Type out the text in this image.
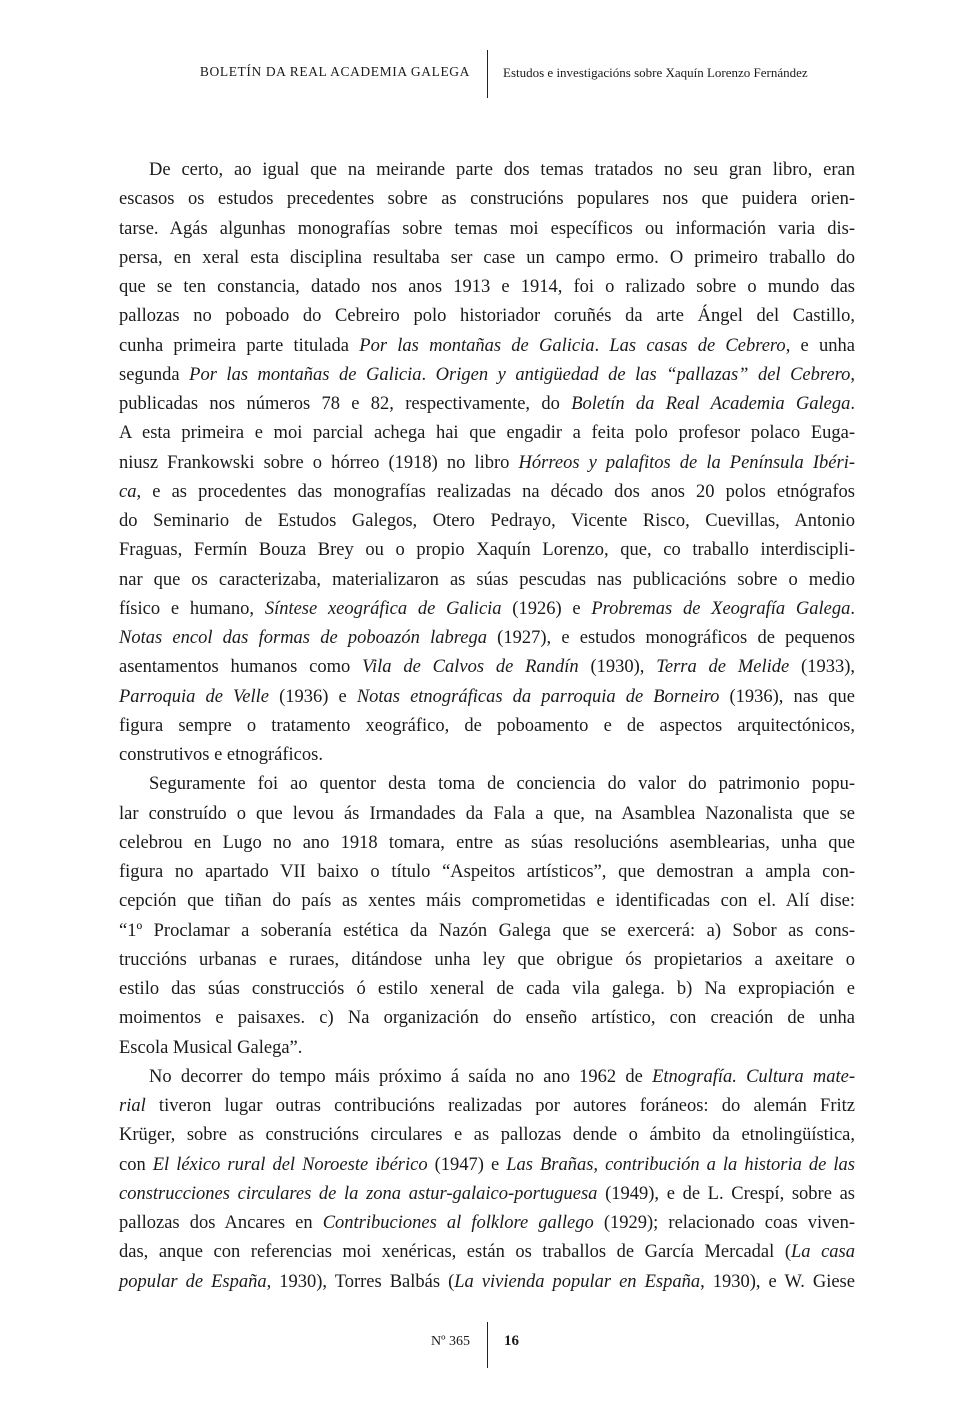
BOLETÍN DA REAL ACADEMIA GALEGA	Estudos e investigacións sobre Xaquín Lorenzo Fernández
De certo, ao igual que na meirande parte dos temas tratados no seu gran libro, eran
escasos os estudos precedentes sobre as construcións populares nos que puidera orien-
tarse. Agás algunhas monografías sobre temas moi específicos ou información varia dis-
persa, en xeral esta disciplina resultaba ser case un campo ermo. O primeiro traballo do
que se ten constancia, datado nos anos 1913 e 1914, foi o ralizado sobre o mundo das
pallozas no poboado do Cebreiro polo historiador coruñés da arte Ángel del Castillo,
cunha primeira parte titulada Por las montañas de Galicia. Las casas de Cebrero, e unha
segunda Por las montañas de Galicia. Origen y antigüedad de las “pallazas” del Cebrero,
publicadas nos números 78 e 82, respectivamente, do Boletín da Real Academia Galega.
A esta primeira e moi parcial achega hai que engadir a feita polo profesor polaco Euga-
niusz Frankowski sobre o hórreo (1918) no libro Hórreos y palafitos de la Península Ibéri-
ca, e as procedentes das monografías realizadas na décado dos anos 20 polos etnógrafos
do Seminario de Estudos Galegos, Otero Pedrayo, Vicente Risco, Cuevillas, Antonio
Fraguas, Fermín Bouza Brey ou o propio Xaquín Lorenzo, que, co traballo interdiscipli-
nar que os caracterizaba, materializaron as súas pescudas nas publicacións sobre o medio
físico e humano, Síntese xeográfica de Galicia (1926) e Probremas de Xeografía Galega.
Notas encol das formas de poboazón labrega (1927), e estudos monográficos de pequenos
asentamentos humanos como Vila de Calvos de Randín (1930), Terra de Melide (1933),
Parroquia de Velle (1936) e Notas etnográficas da parroquia de Borneiro (1936), nas que
figura sempre o tratamento xeográfico, de poboamento e de aspectos arquitectónicos,
construtivos e etnográficos.
Seguramente foi ao quentor desta toma de conciencia do valor do patrimonio popu-
lar construído o que levou ás Irmandades da Fala a que, na Asamblea Nazonalista que se
celebrou en Lugo no ano 1918 tomara, entre as súas resolucións asemblearias, unha que
figura no apartado VII baixo o título “Aspeitos artísticos”, que demostran a ampla con-
cepción que tiñan do país as xentes máis comprometidas e identificadas con el. Alí dise:
“1º Proclamar a soberanía estética da Nazón Galega que se exercerá: a) Sobor as cons-
truccións urbanas e ruraes, ditándose unha ley que obrigue ós propietarios a axeitare o
estilo das súas construcciós ó estilo xeneral de cada vila galega. b) Na expropiación e
moimentos e paisaxes. c) Na organización do enseño artístico, con creación de unha
Escola Musical Galega”.
No decorrer do tempo máis próximo á saída no ano 1962 de Etnografía. Cultura mate-
rial tiveron lugar outras contribucións realizadas por autores foráneos: do alemán Fritz
Krüger, sobre as construcións circulares e as pallozas dende o ámbito da etnolingüística,
con El léxico rural del Noroeste ibérico (1947) e Las Brañas, contribución a la historia de las
construcciones circulares de la zona astur-galaico-portuguesa (1949), e de L. Crespí, sobre as
pallozas dos Ancares en Contribuciones al folklore gallego (1929); relacionado coas viven-
das, anque con referencias moi xenéricas, están os traballos de García Mercadal (La casa
popular de España, 1930), Torres Balbás (La vivienda popular en España, 1930), e W. Giese
Nº 365 16
